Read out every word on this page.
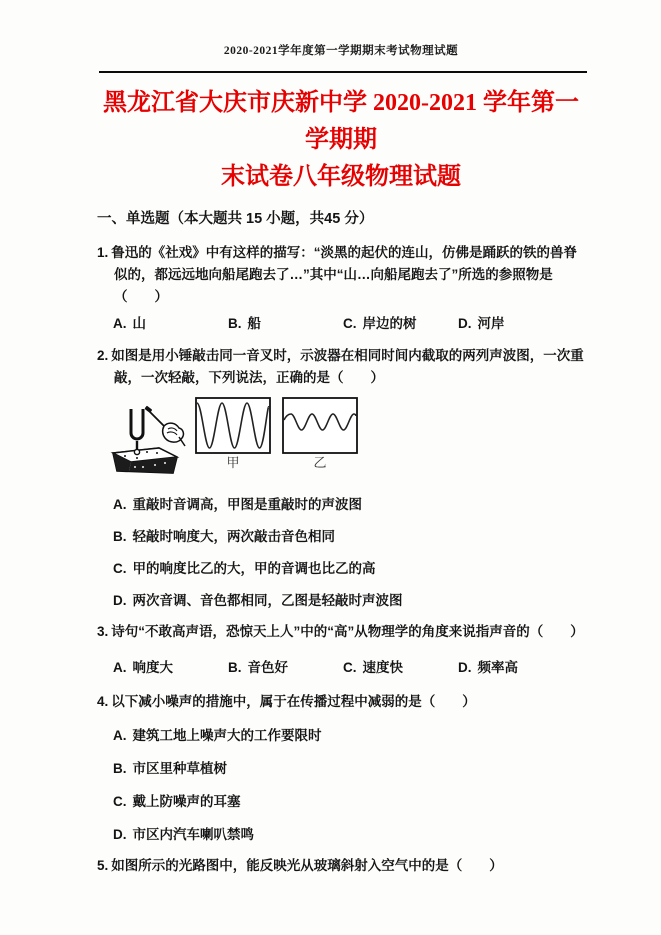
2020-2021学年度第一学期期末考试物理试题
黑龙江省大庆市庆新中学 2020-2021 学年第一学期期
末试卷八年级物理试题
一、单选题（本大题共 15 小题，共45 分）

1. 鲁迅的《社戏》中有这样的描写：“淡黑的起伏的连山，仿佛是踊跃的铁的兽脊似的，都远远地向船尾跑去了…”其中“山…向船尾跑去了”所选的参照物是（　　）

A. 山	B. 船	C. 岸边的树	D. 河岸

2. 如图是用小锤敲击同一音叉时，示波器在相同时间内截取的两列声波图，一次重敲，一次轻敲，下列说法，正确的是（　　）

甲	乙
A. 重敲时音调高，甲图是重敲时的声波图
B. 轻敲时响度大，两次敲击音色相同
C. 甲的响度比乙的大，甲的音调也比乙的高
D. 两次音调、音色都相同，乙图是轻敲时声波图

3. 诗句“不敢高声语，恐惊天上人”中的“高”从物理学的角度来说指声音的（　　）

A. 响度大	B. 音色好	C. 速度快	D. 频率高

4. 以下减小噪声的措施中，属于在传播过程中减弱的是（　　）

A. 建筑工地上噪声大的工作要限时
B. 市区里种草植树
C. 戴上防噪声的耳塞
D. 市区内汽车喇叭禁鸣

5. 如图所示的光路图中，能反映光从玻璃斜射入空气中的是（　　）
